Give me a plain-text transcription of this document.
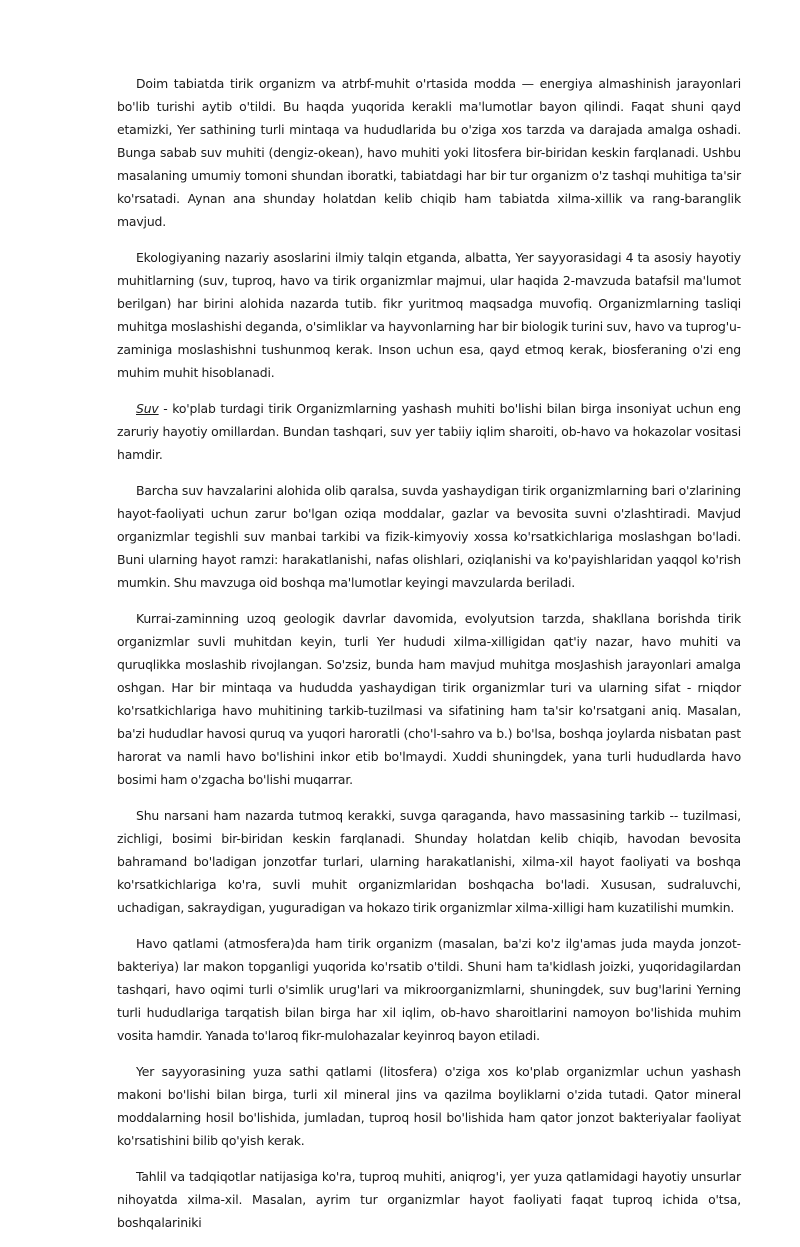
Doim tabiatda tirik organizm va atrbf-muhit o'rtasida modda — energiya almashinish jarayonlari bo'lib turishi aytib o'tildi. Bu haqda yuqorida kerakli ma'lumotlar bayon qilindi. Faqat shuni qayd etamizki, Yer sathining turli mintaqa va hududlarida bu o'ziga xos tarzda va darajada amalga oshadi. Bunga sabab suv muhiti (dengiz-okean), havo muhiti yoki litosfera bir-biridan keskin farqlanadi. Ushbu masalaning umumiy tomoni shundan iboratki, tabiatdagi har bir tur organizm o'z tashqi muhitiga ta'sir ko'rsatadi. Aynan ana shunday holatdan kelib chiqib ham tabiatda xilma-xillik va rang-baranglik mavjud.

Ekologiyaning nazariy asoslarini ilmiy talqin etganda, albatta, Yer sayyorasidagi 4 ta asosiy hayotiy muhitlarning (suv, tuproq, havo va tirik organizmlar majmui, ular haqida 2-mavzuda batafsil ma'lumot berilgan) har birini alohida nazarda tutib. fikr yuritmoq maqsadga muvofiq. Organizmlarning tasliqi muhitga moslashishi deganda, o'simliklar va hayvonlarning har bir biologik turini suv, havo va tuprog'u-zaminiga moslashishni tushunmoq kerak. Inson uchun esa, qayd etmoq kerak, biosferaning o'zi eng muhim muhit hisoblanadi.

Suv - ko'plab turdagi tirik Organizmlarning yashash muhiti bo'lishi bilan birga insoniyat uchun eng zaruriy hayotiy omillardan. Bundan tashqari, suv yer tabiiy iqlim sharoiti, ob-havo va hokazolar vositasi hamdir.

Barcha suv havzalarini alohida olib qaralsa, suvda yashaydigan tirik organizmlarning bari o'zlarining hayot-faoliyati uchun zarur bo'lgan oziqa moddalar, gazlar va bevosita suvni o'zlashtiradi. Mavjud organizmlar tegishli suv manbai tarkibi va fizik-kimyoviy xossa ko'rsatkichlariga moslashgan bo'ladi. Buni ularning hayot ramzi: harakatlanishi, nafas olishlari, oziqlanishi va ko'payishlaridan yaqqol ko'rish mumkin. Shu mavzuga oid boshqa ma'lumotlar keyingi mavzularda beriladi.

Kurrai-zaminning uzoq geologik davrlar davomida, evolyutsion tarzda, shakllana borishda tirik organizmlar suvli muhitdan keyin, turli Yer hududi xilma-xilligidan qat'iy nazar, havo muhiti va quruqlikka moslashib rivojlangan. So'zsiz, bunda ham mavjud muhitga mosJashish jarayonlari amalga oshgan. Har bir mintaqa va hududda yashaydigan tirik organizmlar turi va ularning sifat - rniqdor ko'rsatkichlariga havo muhitining tarkib-tuzilmasi va sifatining ham ta'sir ko'rsatgani aniq. Masalan, ba'zi hududlar havosi quruq va yuqori haroratli (cho'l-sahro va b.) bo'lsa, boshqa joylarda nisbatan past harorat va namli havo bo'lishini inkor etib bo'lmaydi. Xuddi shuningdek, yana turli hududlarda havo bosimi ham o'zgacha bo'lishi muqarrar.

Shu narsani ham nazarda tutmoq kerakki, suvga qaraganda, havo massasining tarkib -- tuzilmasi, zichligi, bosimi bir-biridan keskin farqlanadi. Shunday holatdan kelib chiqib, havodan bevosita bahramand bo'ladigan jonzotfar turlari, ularning harakatlanishi, xilma-xil hayot faoliyati va boshqa ko'rsatkichlariga ko'ra, suvli muhit organizmlaridan boshqacha bo'ladi. Xususan, sudraluvchi, uchadigan, sakraydigan, yuguradigan va hokazo tirik organizmlar xilma-xilligi ham kuzatilishi mumkin.

Havo qatlami (atmosfera)da ham tirik organizm (masalan, ba'zi ko'z ilg'amas juda mayda jonzot-bakteriya) lar makon topganligi yuqorida ko'rsatib o'tildi. Shuni ham ta'kidlash joizki, yuqoridagilardan tashqari, havo oqimi turli o'simlik urug'lari va mikroorganizmlarni, shuningdek, suv bug'larini Yerning turli hududlariga tarqatish bilan birga har xil iqlim, ob-havo sharoitlarini namoyon bo'lishida muhim vosita hamdir. Yanada to'laroq fikr-mulohazalar keyinroq bayon etiladi.

Yer sayyorasining yuza sathi qatlami (litosfera) o'ziga xos ko'plab organizmlar uchun yashash makoni bo'lishi bilan birga, turli xil mineral jins va qazilma boyliklarni o'zida tutadi. Qator mineral moddalarning hosil bo'lishida, jumladan, tuproq hosil bo'lishida ham qator jonzot bakteriyalar faoliyat ko'rsatishini bilib qo'yish kerak.

Tahlil va tadqiqotlar natijasiga ko'ra, tuproq muhiti, aniqrog'i, yer yuza qatlamidagi hayotiy unsurlar nihoyatda xilma-xil. Masalan, ayrim tur organizmlar hayot faoliyati faqat tuproq ichida o'tsa, boshqalariniki
